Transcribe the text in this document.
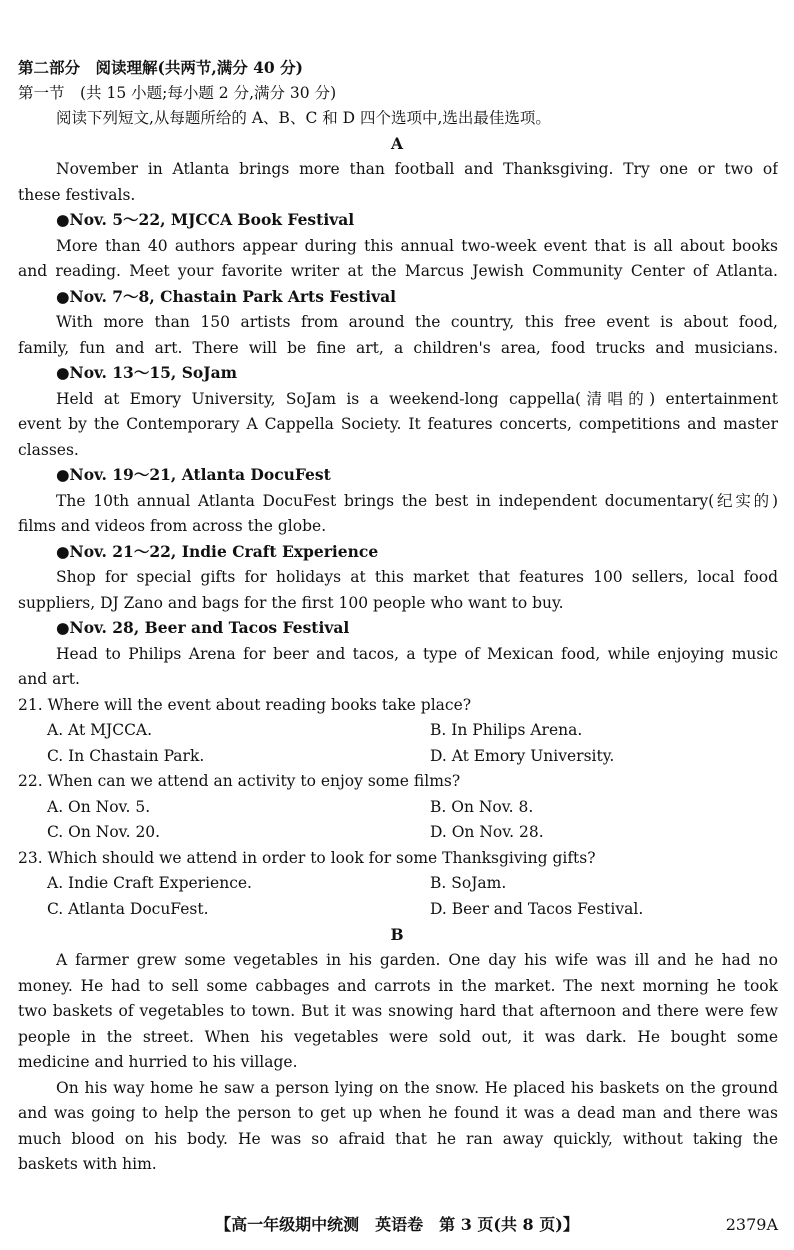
第二部分　阅读理解(共两节,满分 40 分)
第一节　(共 15 小题;每小题 2 分,满分 30 分)
阅读下列短文,从每题所给的 A、B、C 和 D 四个选项中,选出最佳选项。
A
November in Atlanta brings more than football and Thanksgiving. Try one or two of
these festivals.
●Nov. 5～22, MJCCA Book Festival
More than 40 authors appear during this annual two-week event that is all about books
and reading. Meet your favorite writer at the Marcus Jewish Community Center of Atlanta.
●Nov. 7～8, Chastain Park Arts Festival
With more than 150 artists from around the country, this free event is about food,
family, fun and art. There will be fine art, a children's area, food trucks and musicians.
●Nov. 13～15, SoJam
Held at Emory University, SoJam is a weekend-long cappella(清唱的) entertainment
event by the Contemporary A Cappella Society. It features concerts, competitions and master
classes.
●Nov. 19～21, Atlanta DocuFest
The 10th annual Atlanta DocuFest brings the best in independent documentary(纪实的)
films and videos from across the globe.
●Nov. 21～22, Indie Craft Experience
Shop for special gifts for holidays at this market that features 100 sellers, local food
suppliers, DJ Zano and bags for the first 100 people who want to buy.
●Nov. 28, Beer and Tacos Festival
Head to Philips Arena for beer and tacos, a type of Mexican food, while enjoying music
and art.
21. Where will the event about reading books take place?
A. At MJCCA.	B. In Philips Arena.
C. In Chastain Park.	D. At Emory University.
22. When can we attend an activity to enjoy some films?
A. On Nov. 5.	B. On Nov. 8.
C. On Nov. 20.	D. On Nov. 28.
23. Which should we attend in order to look for some Thanksgiving gifts?
A. Indie Craft Experience.	B. SoJam.
C. Atlanta DocuFest.	D. Beer and Tacos Festival.
B
A farmer grew some vegetables in his garden. One day his wife was ill and he had no
money. He had to sell some cabbages and carrots in the market. The next morning he took
two baskets of vegetables to town. But it was snowing hard that afternoon and there were few
people in the street. When his vegetables were sold out, it was dark. He bought some
medicine and hurried to his village.
On his way home he saw a person lying on the snow. He placed his baskets on the ground
and was going to help the person to get up when he found it was a dead man and there was
much blood on his body. He was so afraid that he ran away quickly, without taking the
baskets with him.
【高一年级期中统测　英语卷　第 3 页(共 8 页)】	2379A
